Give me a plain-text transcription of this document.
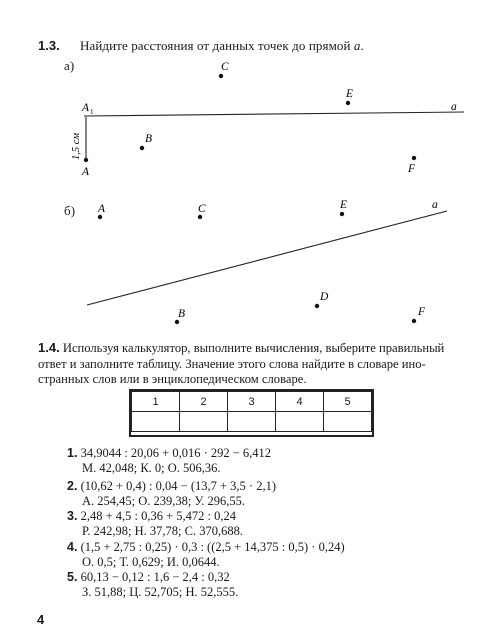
1.3. Найдите расстояния от данных точек до прямой a.
а)
б)
C
E
B
F
A
a
A 1
1,5 см
A	C	E
B
D
F
a
1.4. Используя калькулятор, выполните вычисления, выберите правильный
ответ и заполните таблицу. Значение этого слова найдите в словаре ино-
странных слов или в энциклопедическом словаре.
1	2	3	4	5

1. 34,9044 : 20,06 + 0,016 · 292 − 6,412
М. 42,048; К. 0; О. 506,36.
2. (10,62 + 0,4) : 0,04 − (13,7 + 3,5 · 2,1)
А. 254,45; О. 239,38; У. 296,55.
3. 2,48 + 4,5 : 0,36 + 5,472 : 0,24
Р. 242,98; Н. 37,78; С. 370,688.
4. (1,5 + 2,75 : 0,25) · 0,3 : ((2,5 + 14,375 : 0,5) · 0,24)
О. 0,5; Т. 0,629; И. 0,0644.
5. 60,13 − 0,12 : 1,6 − 2,4 : 0,32
З. 51,88; Ц. 52,705; Н. 52,555.
4
